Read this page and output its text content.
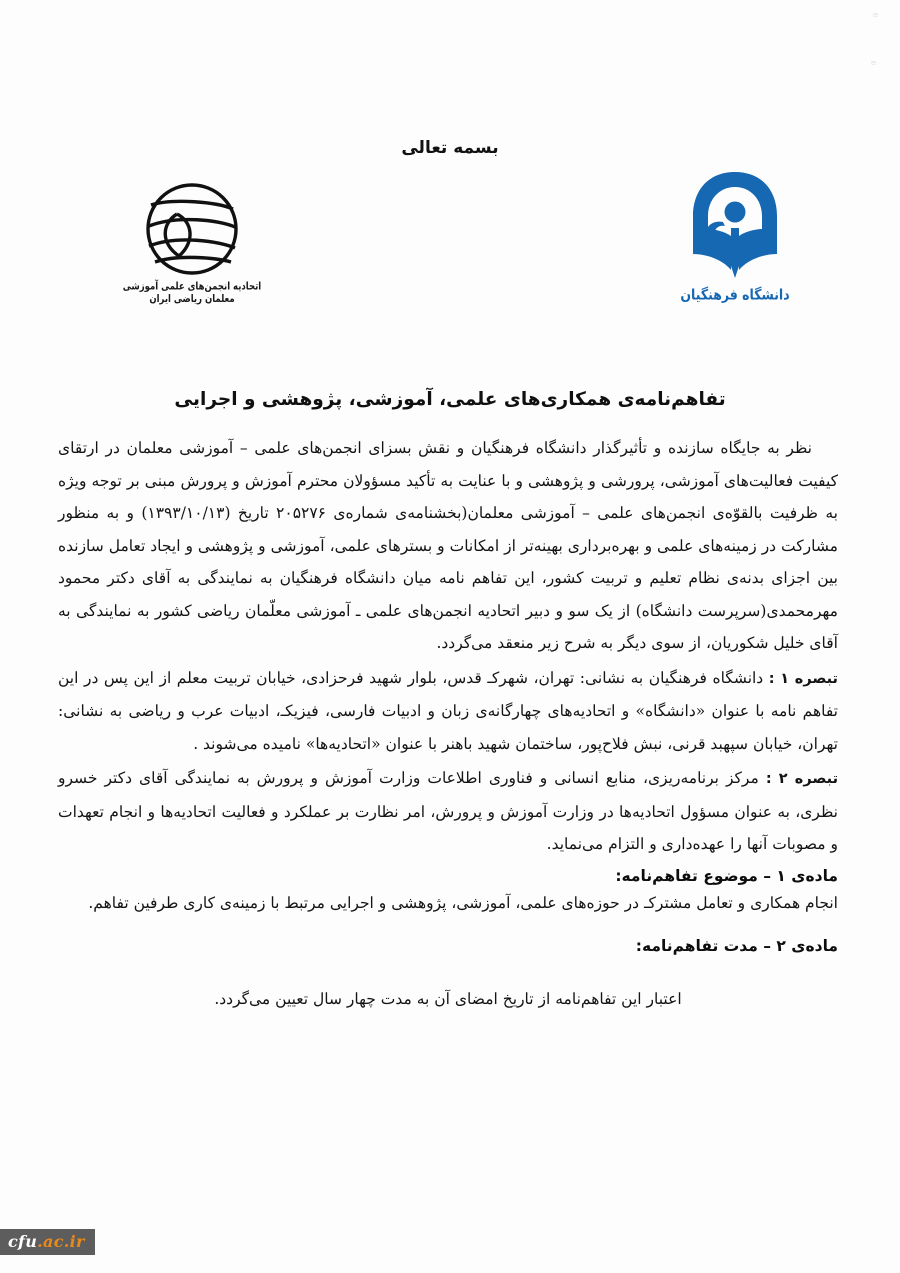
⊟
⊟
بسمه تعالی
اتحادیه انجمن‌های علمی آموزشی معلمان ریاضی ایران	دانشگاه فرهنگیان
تفاهم‌نامه‌ی همکاری‌های علمی، آموزشی، پژوهشی و اجرایی

نظر به جایگاه سازنده و تأثیرگذار دانشگاه فرهنگیان و نقش بسزای انجمن‌های علمی – آموزشی معلمان در ارتقای کیفیت فعالیت‌های آموزشی، پرورشی و پژوهشی و با عنایت به تأکید مسؤولان محترم آموزش و پرورش مبنی بر توجه ویژه به ظرفیت بالقوّه‌ی انجمن‌های علمی – آموزشی معلمان(بخشنامه‌ی شماره‌ی ۲۰۵۲۷۶ تاریخ (۱۳۹۳/۱۰/۱۳) و به منظور مشارکت در زمینه‌های علمی و بهره‌برداری بهینه‌تر از امکانات و بسترهای علمی، آموزشی و پژوهشی و ایجاد تعامل سازنده بین اجزای بدنه‌ی نظام تعلیم و تربیت کشور، این تفاهم نامه میان دانشگاه فرهنگیان به نمایندگی به آقای دکتر محمود مهرمحمدی(سرپرست دانشگاه) از یک سو و دبیر اتحادیه انجمن‌های علمی ـ آموزشی معلّمان ریاضی کشور به نمایندگی به آقای خلیل شکوریان، از سوی دیگر به شرح زیر منعقد می‌گردد.

تبصره ۱ : دانشگاه فرهنگیان به نشانی: تهران، شهرکـ قدس، بلوار شهید فرحزادی، خیابان تربیت معلم از این پس در این تفاهم نامه با عنوان «دانشگاه» و اتحادیه‌های چهارگانه‌ی زبان و ادبیات فارسی، فیزیکـ، ادبیات عرب و ریاضی به نشانی: تهران، خیابان سپهبد قرنی، نبش فلاح‌پور، ساختمان شهید باهنر با عنوان «اتحادیه‌ها» نامیده می‌شوند .

تبصره ۲ : مرکز برنامه‌ریزی، منابع انسانی و فناوری اطلاعات وزارت آموزش و پرورش به نمایندگی آقای دکتر خسرو نظری، به عنوان مسؤول اتحادیه‌ها در وزارت آموزش و پرورش، امر نظارت بر عملکرد و فعالیت اتحادیه‌ها و انجام تعهدات و مصوبات آنها را عهده‌داری و التزام می‌نماید.

ماده‌ی ۱ – موضوع تفاهم‌نامه:

انجام همکاری و تعامل مشترکـ در حوزه‌های علمی، آموزشی، پژوهشی و اجرایی مرتبط با زمینه‌ی کاری طرفین تفاهم.

ماده‌ی ۲ – مدت تفاهم‌نامه:

اعتبار این تفاهم‌نامه از تاریخ امضای آن به مدت چهار سال تعیین می‌گردد.

cfu.ac.ir
